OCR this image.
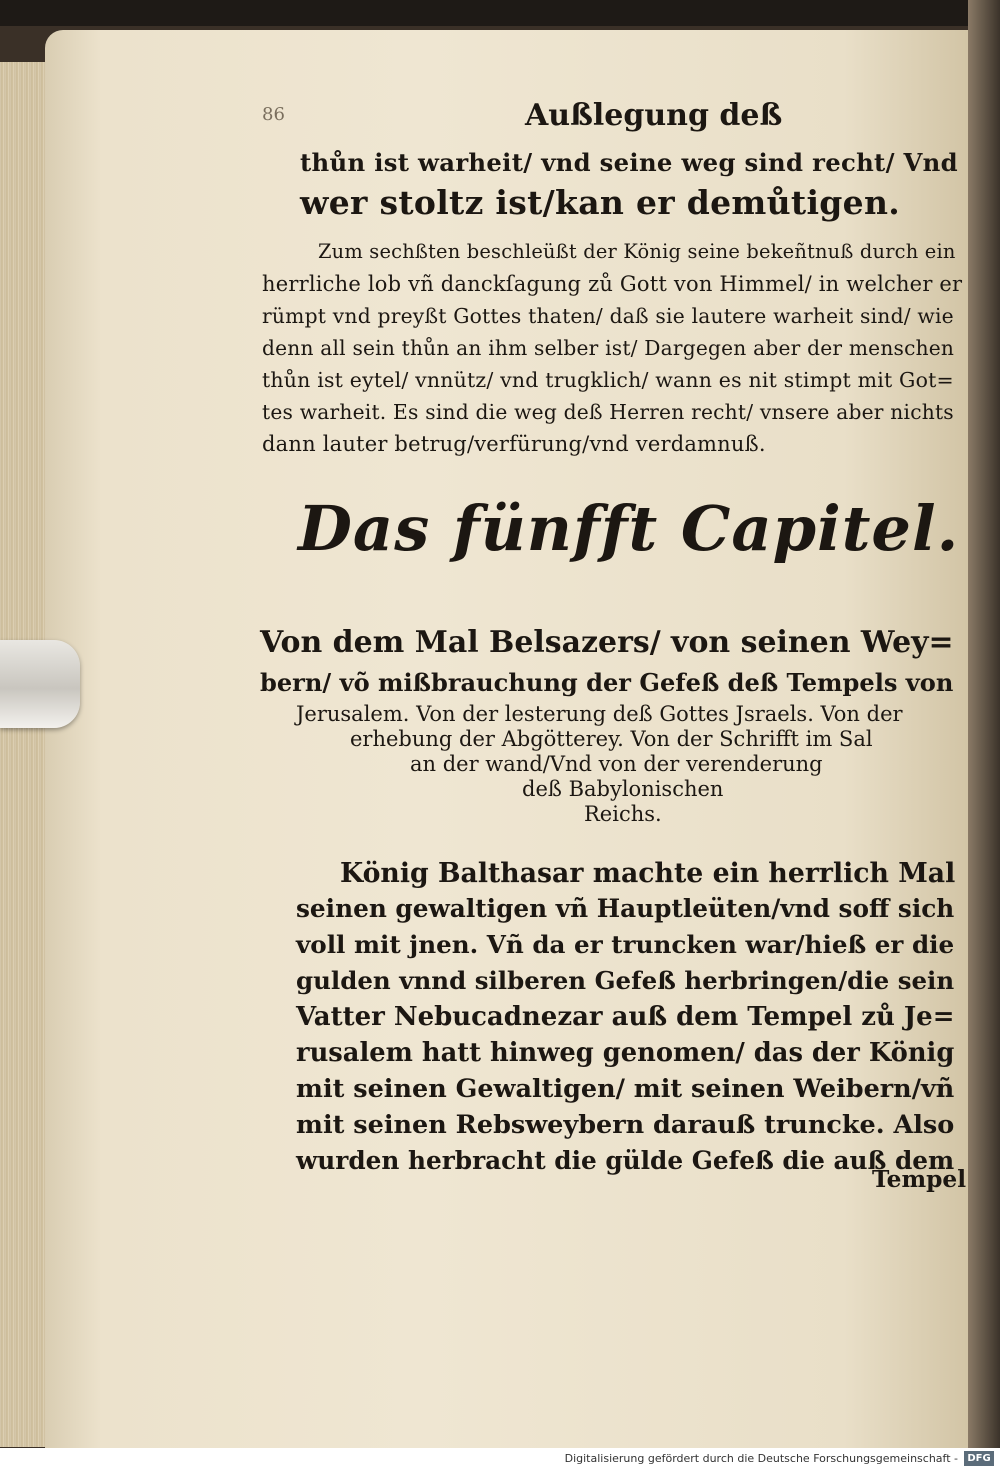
86	Außlegung deß
thůn ist warheit/ vnd seine weg sind recht/ Vnd
wer stoltz ist/kan er demůtigen.
Zum sechßten beschleüßt der König seine bekeñtnuß durch ein
herrliche lob vñ danckſagung zů Gott von Himmel/ in welcher er
rümpt vnd preyßt Gottes thaten/ daß sie lautere warheit sind/ wie
denn all sein thůn an ihm selber ist/ Dargegen aber der menschen
thůn ist eytel/ vnnütz/ vnd trugklich/ wann es nit stimpt mit Got=
tes warheit. Es sind die weg deß Herren recht/ vnsere aber nichts
dann lauter betrug/verfürung/vnd verdamnuß.
Das fünfft Capitel.
Von dem Mal Belsazers/ von seinen Wey=
bern/ võ mißbrauchung der Gefeß deß Tempels von
Jerusalem. Von der lesterung deß Gottes Jsraels. Von der
erhebung der Abgötterey. Von der Schrifft im Sal
an der wand/Vnd von der verenderung
deß Babylonischen
Reichs.
König Balthasar machte ein herrlich Mal
seinen gewaltigen vñ Hauptleüten/vnd soff sich
voll mit jnen. Vñ da er truncken war/hieß er die
gulden vnnd silberen Gefeß herbringen/die sein
Vatter Nebucadnezar auß dem Tempel zů Je=
rusalem hatt hinweg genomen/ das der König
mit seinen Gewaltigen/ mit seinen Weibern/vñ
mit seinen Rebsweybern darauß truncke. Also
wurden herbracht die gülde Gefeß die auß dem
Tempel
Digitalisierung gefördert durch die Deutsche Forschungsgemeinschaft - DFG
